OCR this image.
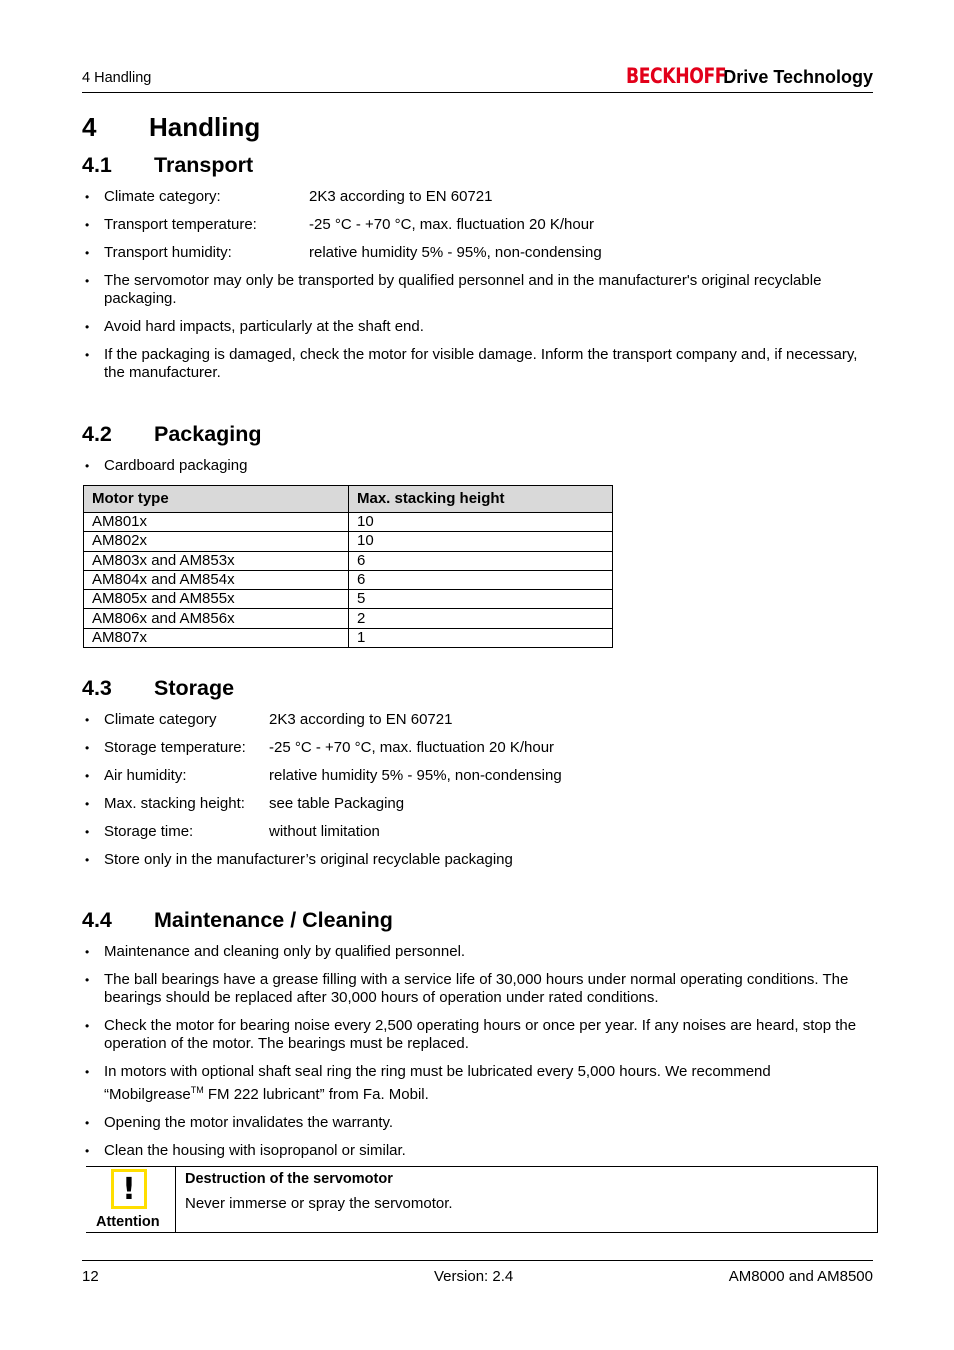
4 Handling	BECKHOFF Drive Technology
4 Handling
4.1 Transport
• Climate category:	2K3 according to EN 60721
• Transport temperature:	-25 °C - +70 °C, max. fluctuation 20 K/hour
• Transport humidity:	relative humidity 5% - 95%, non-condensing
• The servomotor may only be transported by qualified personnel and in the manufacturer's original recyclable packaging.
• Avoid hard impacts, particularly at the shaft end.
• If the packaging is damaged, check the motor for visible damage. Inform the transport company and, if necessary, the manufacturer.
4.2 Packaging
• Cardboard packaging
Motor type	Max. stacking height
AM801x	10
AM802x	10
AM803x and AM853x	6
AM804x and AM854x	6
AM805x and AM855x	5
AM806x and AM856x	2
AM807x	1
4.3 Storage
• Climate category	2K3 according to EN 60721
• Storage temperature: -25 °C - +70 °C, max. fluctuation 20 K/hour
• Air humidity:	relative humidity 5% - 95%, non-condensing
• Max. stacking height: see table Packaging
• Storage time:	without limitation
• Store only in the manufacturer’s original recyclable packaging
4.4 Maintenance / Cleaning
• Maintenance and cleaning only by qualified personnel.
• The ball bearings have a grease filling with a service life of 30,000 hours under normal operating conditions. The bearings should be replaced after 30,000 hours of operation under rated conditions.
• Check the motor for bearing noise every 2,500 operating hours or once per year. If any noises are heard, stop the operation of the motor. The bearings must be replaced.
• In motors with optional shaft seal ring the ring must be lubricated every 5,000 hours. We recommend “Mobilgrease™ FM 222 lubricant” from Fa. Mobil.
• Opening the motor invalidates the warranty.
• Clean the housing with isopropanol or similar.
!
Attention
Destruction of the servomotor
Never immerse or spray the servomotor.
12	Version: 2.4	AM8000 and AM8500
